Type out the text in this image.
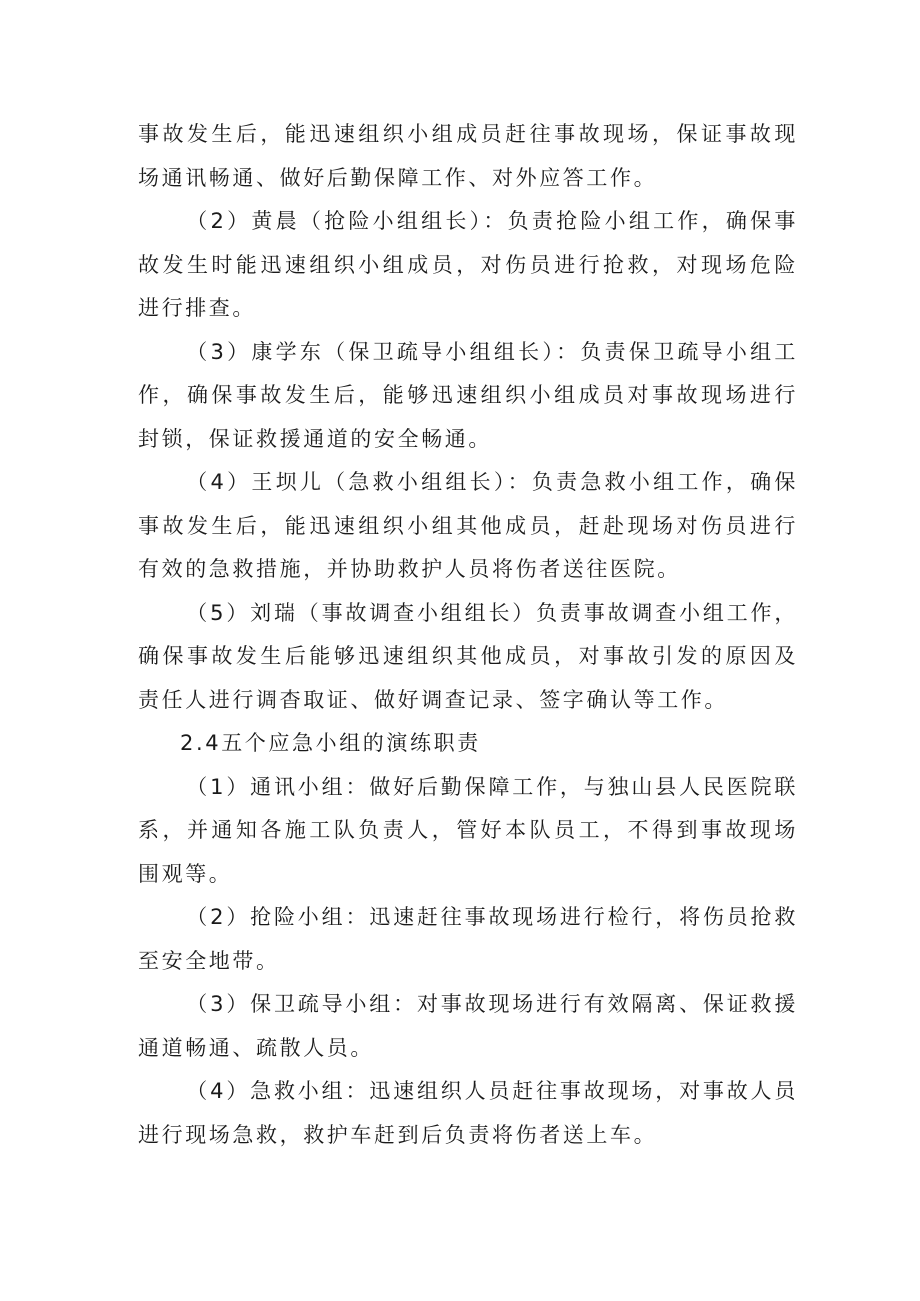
事故发生后，能迅速组织小组成员赶往事故现场，保证事故现场通讯畅通、做好后勤保障工作、对外应答工作。

（2）黄晨（抢险小组组长）：负责抢险小组工作，确保事故发生时能迅速组织小组成员，对伤员进行抢救，对现场危险进行排查。

（3）康学东（保卫疏导小组组长）：负责保卫疏导小组工作，确保事故发生后，能够迅速组织小组成员对事故现场进行封锁，保证救援通道的安全畅通。

（4）王坝儿（急救小组组长）：负责急救小组工作，确保事故发生后，能迅速组织小组其他成员，赶赴现场对伤员进行有效的急救措施，并协助救护人员将伤者送往医院。

（5）刘瑞（事故调查小组组长）负责事故调查小组工作，确保事故发生后能够迅速组织其他成员，对事故引发的原因及责任人进行调杳取证、做好调查记录、签字确认等工作。

2.4五个应急小组的演练职责

（1）通讯小组：做好后勤保障工作，与独山县人民医院联系，并通知各施工队负责人，管好本队员工，不得到事故现场围观等。

（2）抢险小组：迅速赶往事故现场进行检行，将伤员抢救至安全地带。

（3）保卫疏导小组：对事故现场进行有效隔离、保证救援通道畅通、疏散人员。

（4）急救小组：迅速组织人员赶往事故现场，对事故人员进行现场急救，救护车赶到后负责将伤者送上车。
